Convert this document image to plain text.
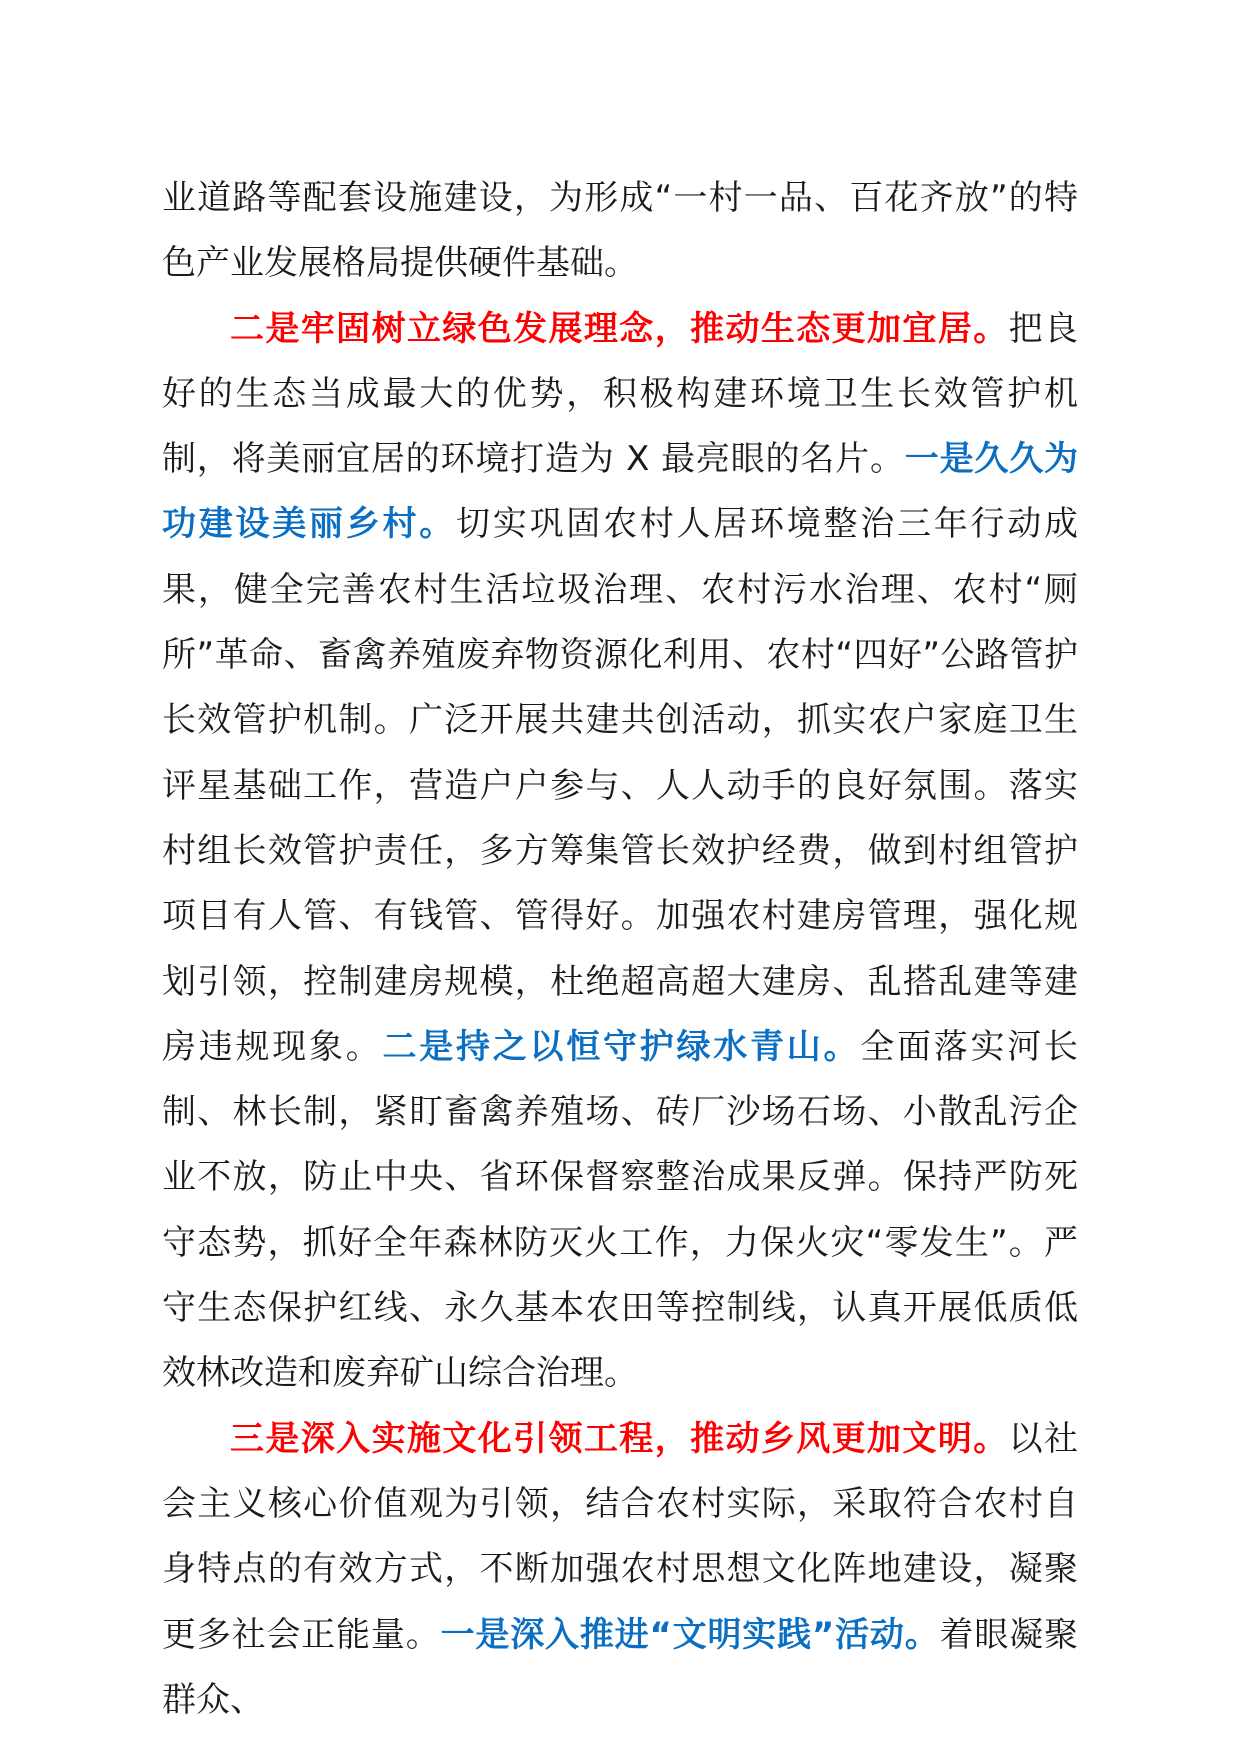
业道路等配套设施建设，为形成“一村一品、百花齐放”的特色产业发展格局提供硬件基础。

二是牢固树立绿色发展理念，推动生态更加宜居。把良好的生态当成最大的优势，积极构建环境卫生长效管护机制，将美丽宜居的环境打造为 X 最亮眼的名片。一是久久为功建设美丽乡村。切实巩固农村人居环境整治三年行动成果，健全完善农村生活垃圾治理、农村污水治理、农村“厕所”革命、畜禽养殖废弃物资源化利用、农村“四好”公路管护长效管护机制。广泛开展共建共创活动，抓实农户家庭卫生评星基础工作，营造户户参与、人人动手的良好氛围。落实村组长效管护责任，多方筹集管长效护经费，做到村组管护项目有人管、有钱管、管得好。加强农村建房管理，强化规划引领，控制建房规模，杜绝超高超大建房、乱搭乱建等建房违规现象。二是持之以恒守护绿水青山。全面落实河长制、林长制，紧盯畜禽养殖场、砖厂沙场石场、小散乱污企业不放，防止中央、省环保督察整治成果反弹。保持严防死守态势，抓好全年森林防灭火工作，力保火灾“零发生”。严守生态保护红线、永久基本农田等控制线，认真开展低质低效林改造和废弃矿山综合治理。

三是深入实施文化引领工程，推动乡风更加文明。以社会主义核心价值观为引领，结合农村实际，采取符合农村自身特点的有效方式，不断加强农村思想文化阵地建设，凝聚更多社会正能量。一是深入推进“文明实践”活动。着眼凝聚群众、
